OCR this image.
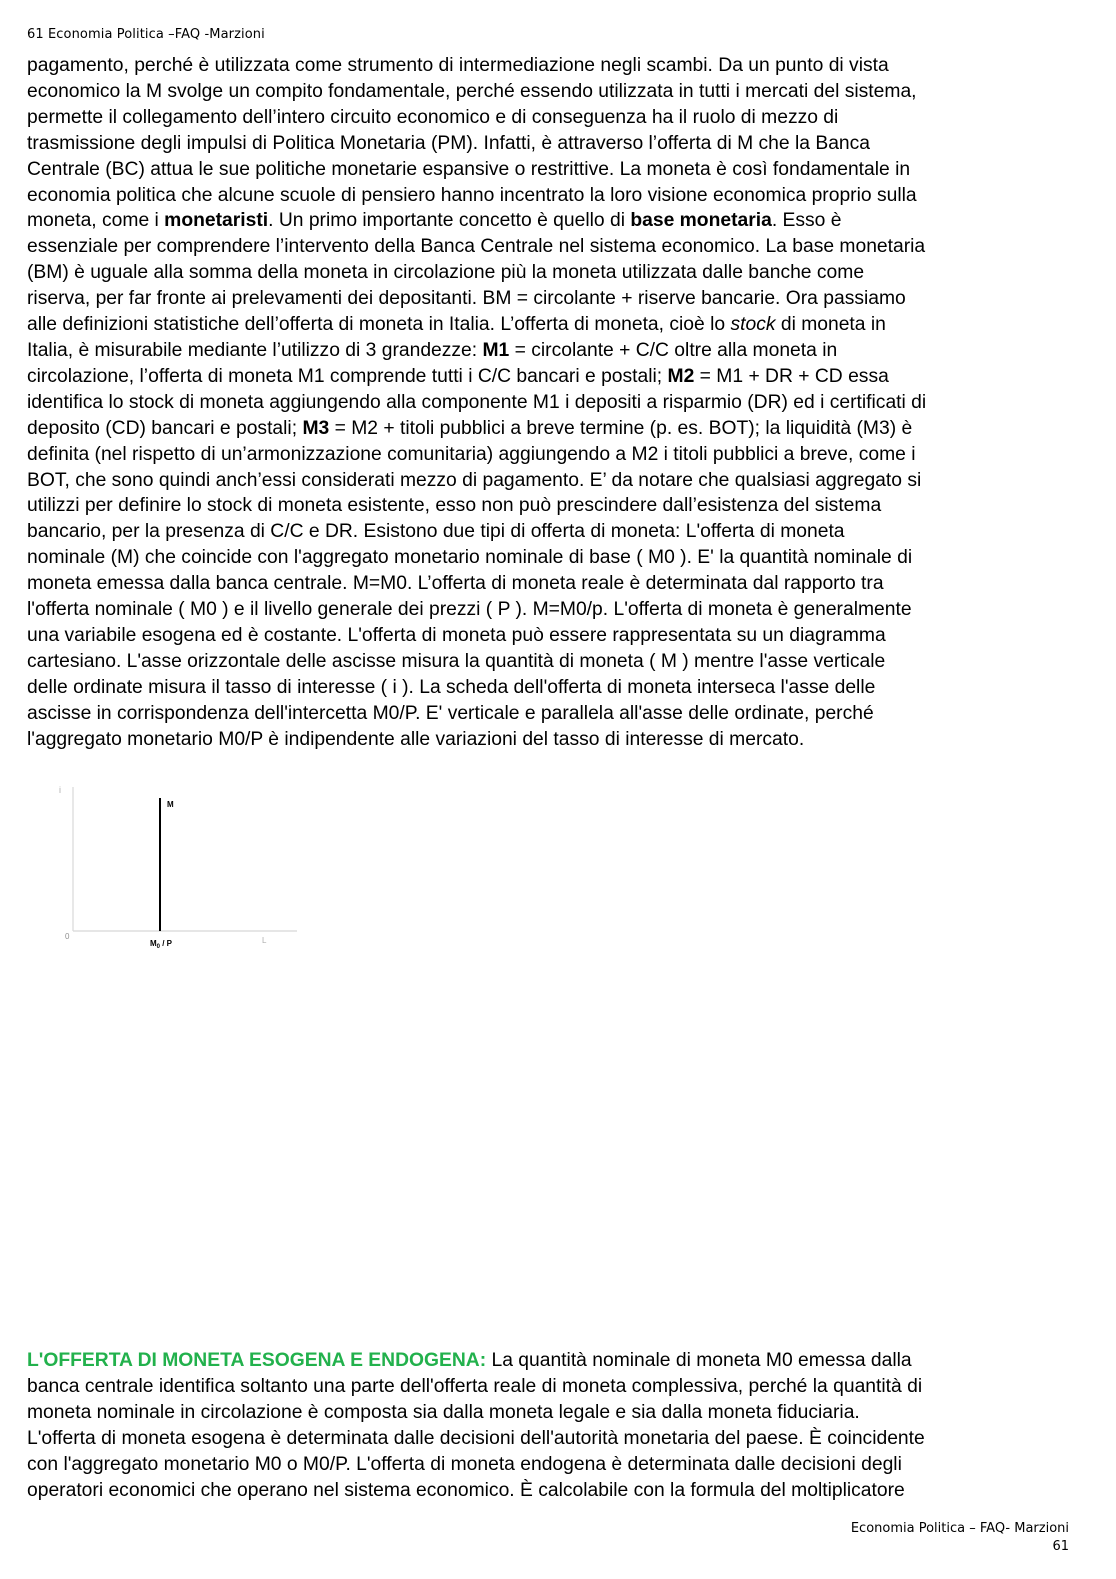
61 Economia Politica –FAQ -Marzioni
pagamento, perché è utilizzata come strumento di intermediazione negli scambi. Da un punto di vista
economico la M svolge un compito fondamentale, perché essendo utilizzata in tutti i mercati del sistema,
permette il collegamento dell’intero circuito economico e di conseguenza ha il ruolo di mezzo di
trasmissione degli impulsi di Politica Monetaria (PM). Infatti, è attraverso l’offerta di M che la Banca
Centrale (BC) attua le sue politiche monetarie espansive o restrittive. La moneta è così fondamentale in
economia politica che alcune scuole di pensiero hanno incentrato la loro visione economica proprio sulla
moneta, come i monetaristi. Un primo importante concetto è quello di base monetaria. Esso è
essenziale per comprendere l’intervento della Banca Centrale nel sistema economico. La base monetaria
(BM) è uguale alla somma della moneta in circolazione più la moneta utilizzata dalle banche come
riserva, per far fronte ai prelevamenti dei depositanti. BM = circolante + riserve bancarie. Ora passiamo
alle definizioni statistiche dell’offerta di moneta in Italia. L’offerta di moneta, cioè lo stock di moneta in
Italia, è misurabile mediante l’utilizzo di 3 grandezze: M1 = circolante + C/C oltre alla moneta in
circolazione, l’offerta di moneta M1 comprende tutti i C/C bancari e postali; M2 = M1 + DR + CD essa
identifica lo stock di moneta aggiungendo alla componente M1 i depositi a risparmio (DR) ed i certificati di
deposito (CD) bancari e postali; M3 = M2 + titoli pubblici a breve termine (p. es. BOT); la liquidità (M3) è
definita (nel rispetto di un’armonizzazione comunitaria) aggiungendo a M2 i titoli pubblici a breve, come i
BOT, che sono quindi anch’essi considerati mezzo di pagamento. E’ da notare che qualsiasi aggregato si
utilizzi per definire lo stock di moneta esistente, esso non può prescindere dall’esistenza del sistema
bancario, per la presenza di C/C e DR. Esistono due tipi di offerta di moneta: L'offerta di moneta
nominale (M) che coincide con l'aggregato monetario nominale di base ( M0 ). E' la quantità nominale di
moneta emessa dalla banca centrale. M=M0. L’offerta di moneta reale è determinata dal rapporto tra
l'offerta nominale ( M0 ) e il livello generale dei prezzi ( P ). M=M0/p. L'offerta di moneta è generalmente
una variabile esogena ed è costante. L'offerta di moneta può essere rappresentata su un diagramma
cartesiano. L'asse orizzontale delle ascisse misura la quantità di moneta ( M ) mentre l'asse verticale
delle ordinate misura il tasso di interesse ( i ). La scheda dell'offerta di moneta interseca l'asse delle
ascisse in corrispondenza dell'intercetta M0/P. E' verticale e parallela all'asse delle ordinate, perché
l'aggregato monetario M0/P è indipendente alle variazioni del tasso di interesse di mercato.
i
0	L
M
$M_0$ / P
L'OFFERTA DI MONETA ESOGENA E ENDOGENA: La quantità nominale di moneta M0 emessa dalla
banca centrale identifica soltanto una parte dell'offerta reale di moneta complessiva, perché la quantità di
moneta nominale in circolazione è composta sia dalla moneta legale e sia dalla moneta fiduciaria.
L'offerta di moneta esogena è determinata dalle decisioni dell'autorità monetaria del paese. È coincidente
con l'aggregato monetario M0 o M0/P. L'offerta di moneta endogena è determinata dalle decisioni degli
operatori economici che operano nel sistema economico. È calcolabile con la formula del moltiplicatore
Economia Politica – FAQ- Marzioni
61
